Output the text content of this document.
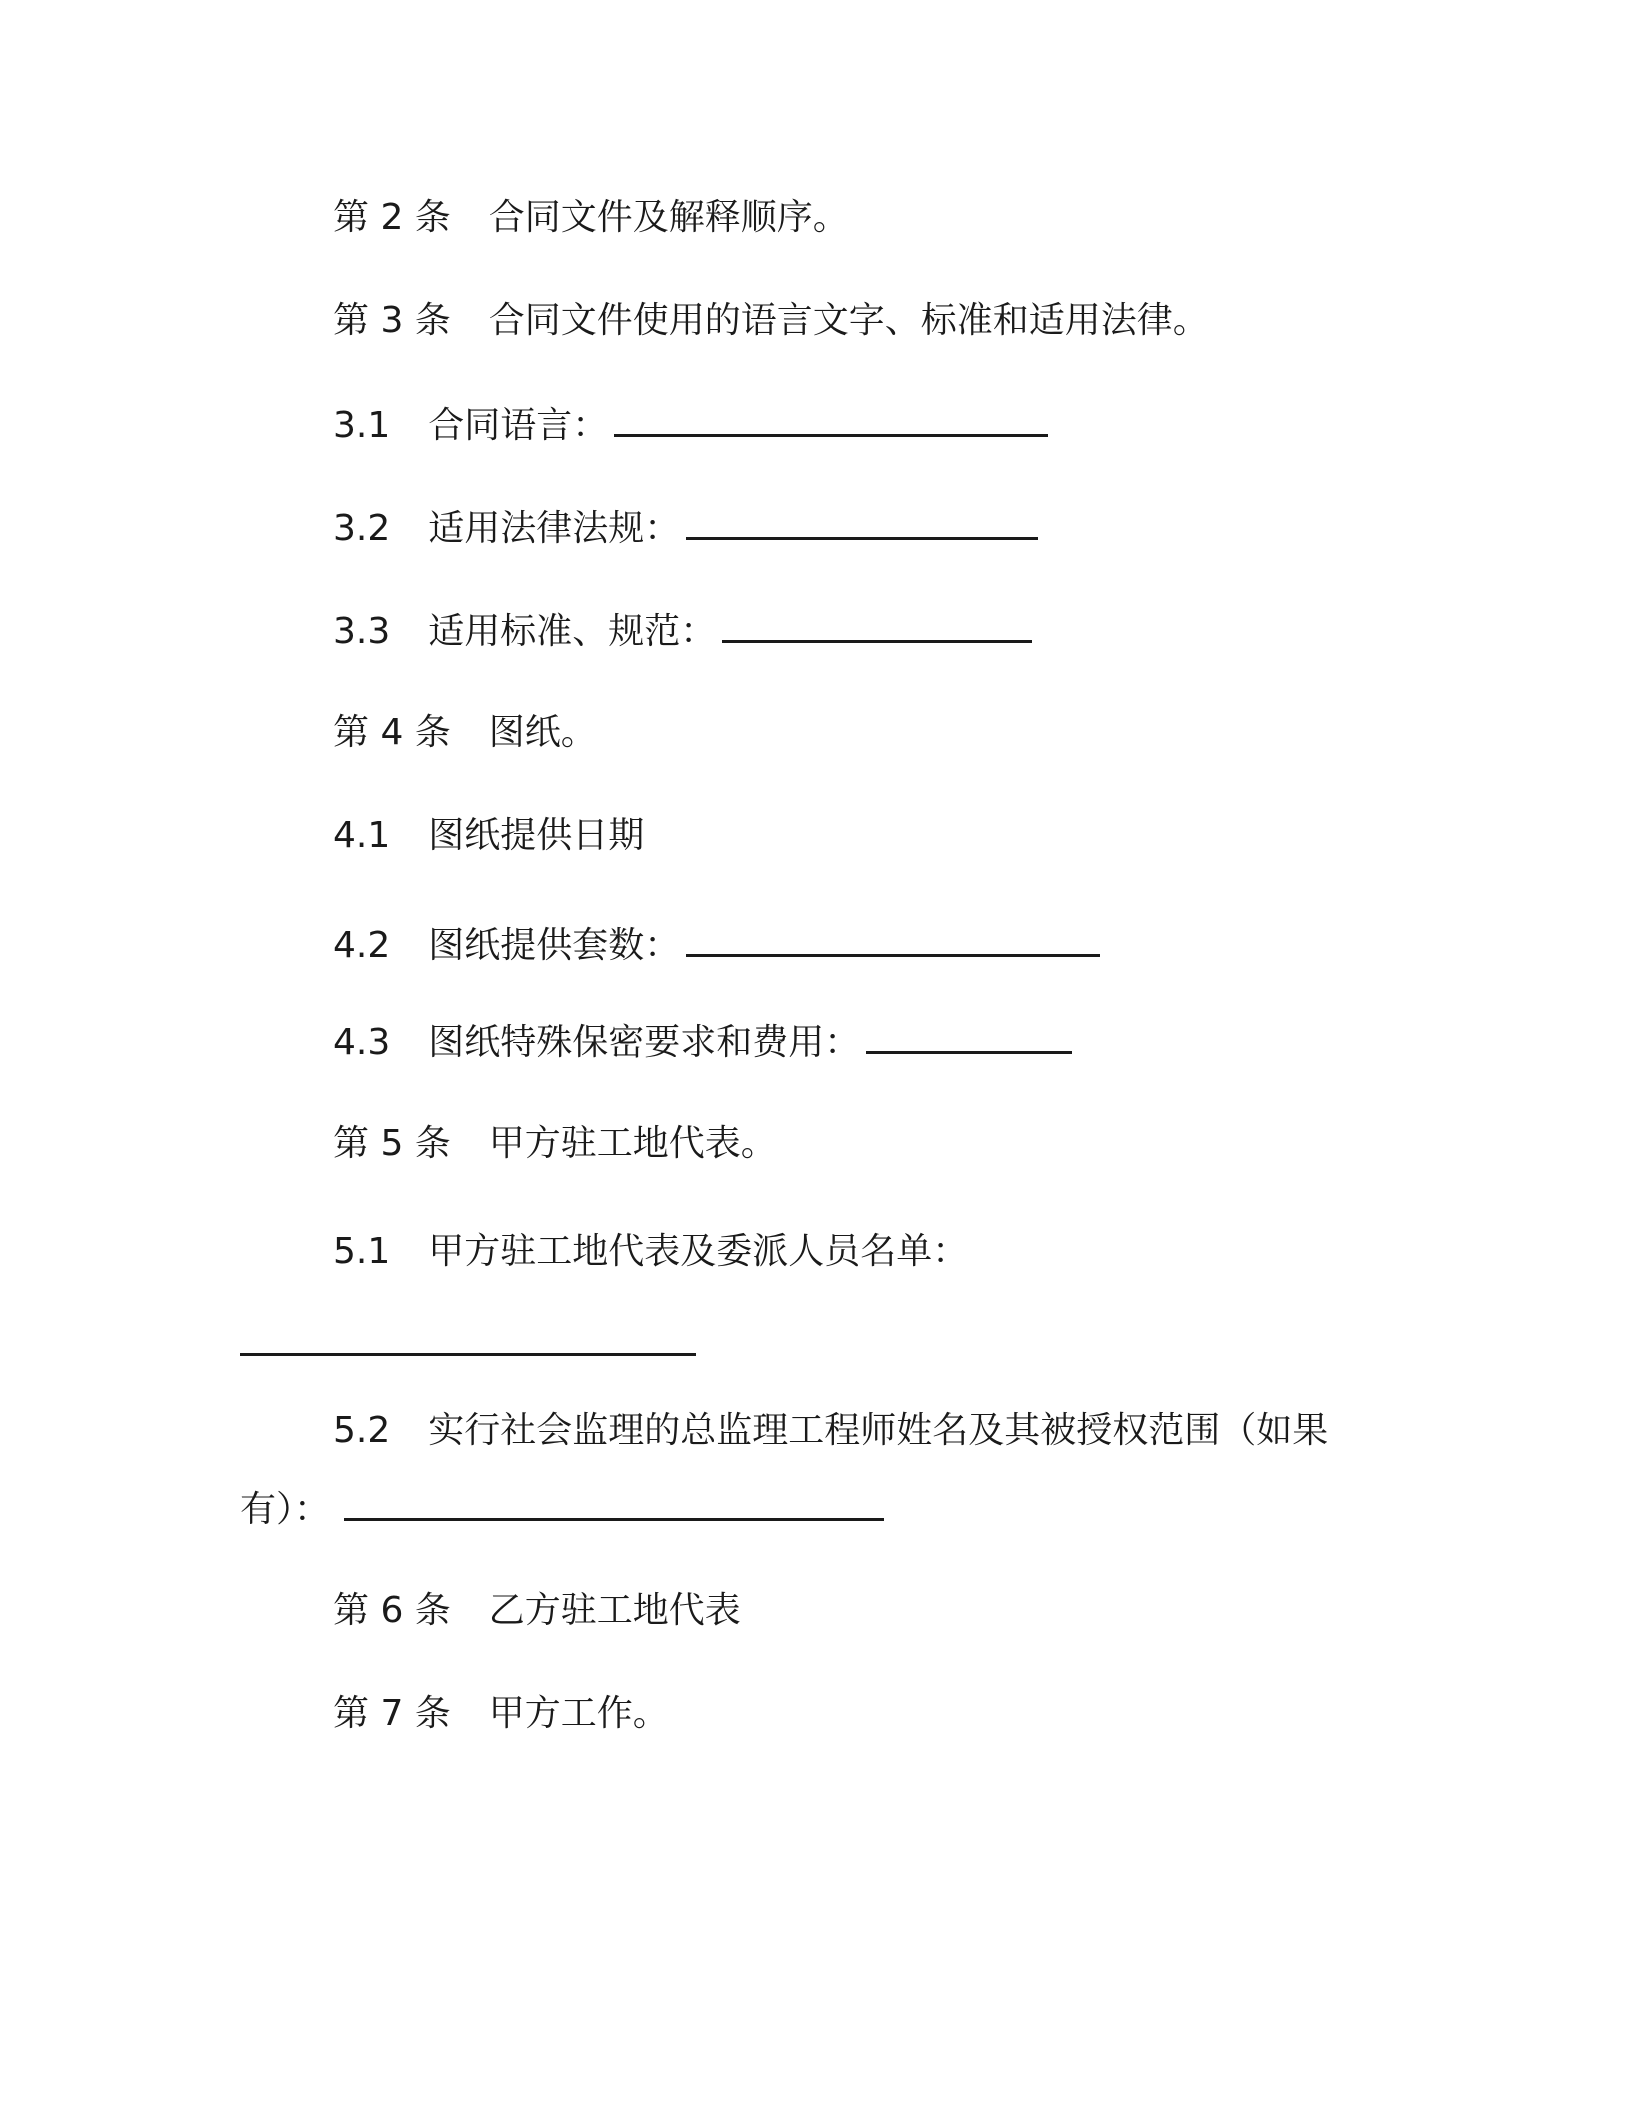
第 2 条 合同文件及解释顺序。
第 3 条 合同文件使用的语言文字、标准和适用法律。
3.1 合同语言：
3.2 适用法律法规：
3.3 适用标准、规范：
第 4 条 图纸。
4.1 图纸提供日期
4.2 图纸提供套数：
4.3 图纸特殊保密要求和费用：
第 5 条 甲方驻工地代表。
5.1 甲方驻工地代表及委派人员名单：
5.2 实行社会监理的总监理工程师姓名及其被授权范围（如果
有）：
第 6 条 乙方驻工地代表
第 7 条 甲方工作。
